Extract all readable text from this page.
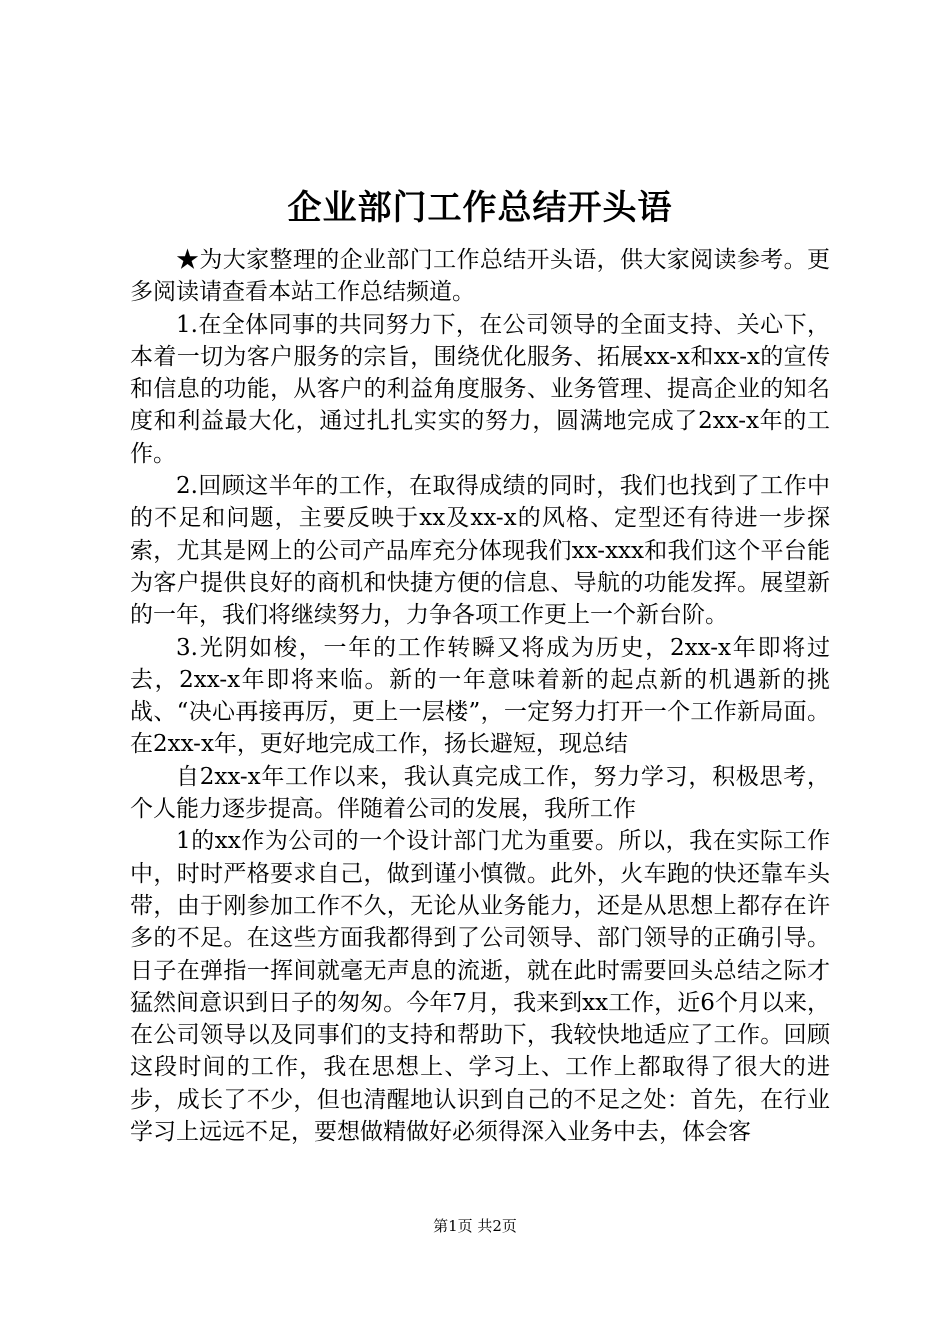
企业部门工作总结开头语

★为大家整理的企业部门工作总结开头语，供大家阅读参考。更多阅读请查看本站工作总结频道。

1.在全体同事的共同努力下，在公司领导的全面支持、关心下，本着一切为客户服务的宗旨，围绕优化服务、拓展xx-x和xx-x的宣传和信息的功能，从客户的利益角度服务、业务管理、提高企业的知名度和利益最大化，通过扎扎实实的努力，圆满地完成了2xx-x年的工作。

2.回顾这半年的工作，在取得成绩的同时，我们也找到了工作中的不足和问题，主要反映于xx及xx-x的风格、定型还有待进一步探索，尤其是网上的公司产品库充分体现我们xx-xxx和我们这个平台能为客户提供良好的商机和快捷方便的信息、导航的功能发挥。展望新的一年，我们将继续努力，力争各项工作更上一个新台阶。

3.光阴如梭，一年的工作转瞬又将成为历史，2xx-x年即将过去，2xx-x年即将来临。新的一年意味着新的起点新的机遇新的挑战、“决心再接再厉，更上一层楼”，一定努力打开一个工作新局面。在2xx-x年，更好地完成工作，扬长避短，现总结

自2xx-x年工作以来，我认真完成工作，努力学习，积极思考，个人能力逐步提高。伴随着公司的发展，我所工作

1的xx作为公司的一个设计部门尤为重要。所以，我在实际工作中，时时严格要求自己，做到谨小慎微。此外，火车跑的快还靠车头带，由于刚参加工作不久，无论从业务能力，还是从思想上都存在许多的不足。在这些方面我都得到了公司领导、部门领导的正确引导。日子在弹指一挥间就毫无声息的流逝，就在此时需要回头总结之际才猛然间意识到日子的匆匆。今年7月，我来到xx工作，近6个月以来，在公司领导以及同事们的支持和帮助下，我较快地适应了工作。回顾这段时间的工作，我在思想上、学习上、工作上都取得了很大的进步，成长了不少，但也清醒地认识到自己的不足之处：首先，在行业学习上远远不足，要想做精做好必须得深入业务中去，体会客

第1页 共2页
